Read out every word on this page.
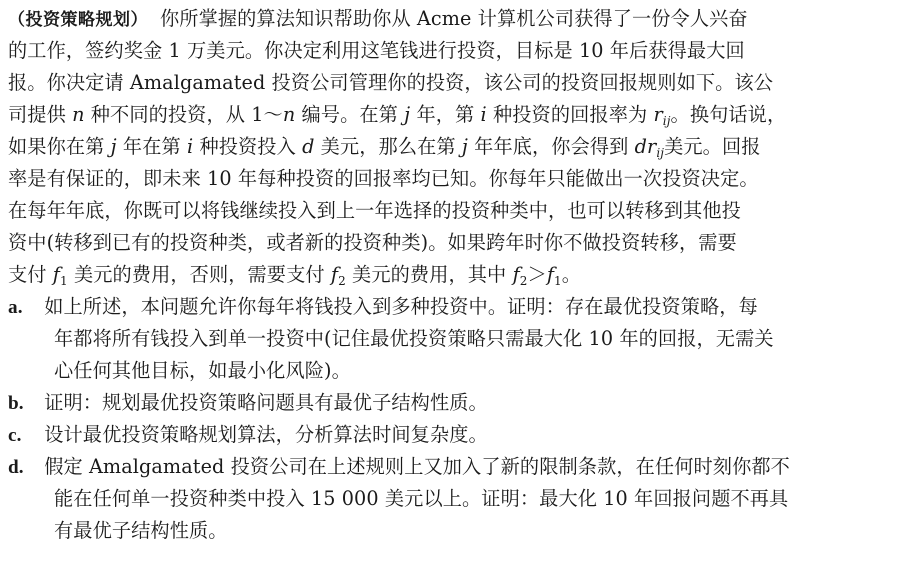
（投资策略规划） 你所掌握的算法知识帮助你从 Acme 计算机公司获得了一份令人兴奋
的工作，签约奖金 1 万美元。你决定利用这笔钱进行投资，目标是 10 年后获得最大回
报。你决定请 Amalgamated 投资公司管理你的投资，该公司的投资回报规则如下。该公
司提供 n 种不同的投资，从 1～n 编号。在第 j 年，第 i 种投资的回报率为 $r_{ij}$。换句话说，
如果你在第 j 年在第 i 种投资投入 d 美元，那么在第 j 年年底，你会得到 $dr_{ij}$美元。回报
率是有保证的，即未来 10 年每种投资的回报率均已知。你每年只能做出一次投资决定。
在每年年底，你既可以将钱继续投入到上一年选择的投资种类中，也可以转移到其他投
资中(转移到已有的投资种类，或者新的投资种类)。如果跨年时你不做投资转移，需要
支付 $f_1$ 美元的费用，否则，需要支付 $f_2$ 美元的费用，其中 $f_2>f_1$。
a. 如上所述，本问题允许你每年将钱投入到多种投资中。证明：存在最优投资策略，每
年都将所有钱投入到单一投资中(记住最优投资策略只需最大化 10 年的回报，无需关
心任何其他目标，如最小化风险)。
b. 证明：规划最优投资策略问题具有最优子结构性质。
c. 设计最优投资策略规划算法，分析算法时间复杂度。
d. 假定 Amalgamated 投资公司在上述规则上又加入了新的限制条款，在任何时刻你都不
能在任何单一投资种类中投入 15 000 美元以上。证明：最大化 10 年回报问题不再具
有最优子结构性质。
